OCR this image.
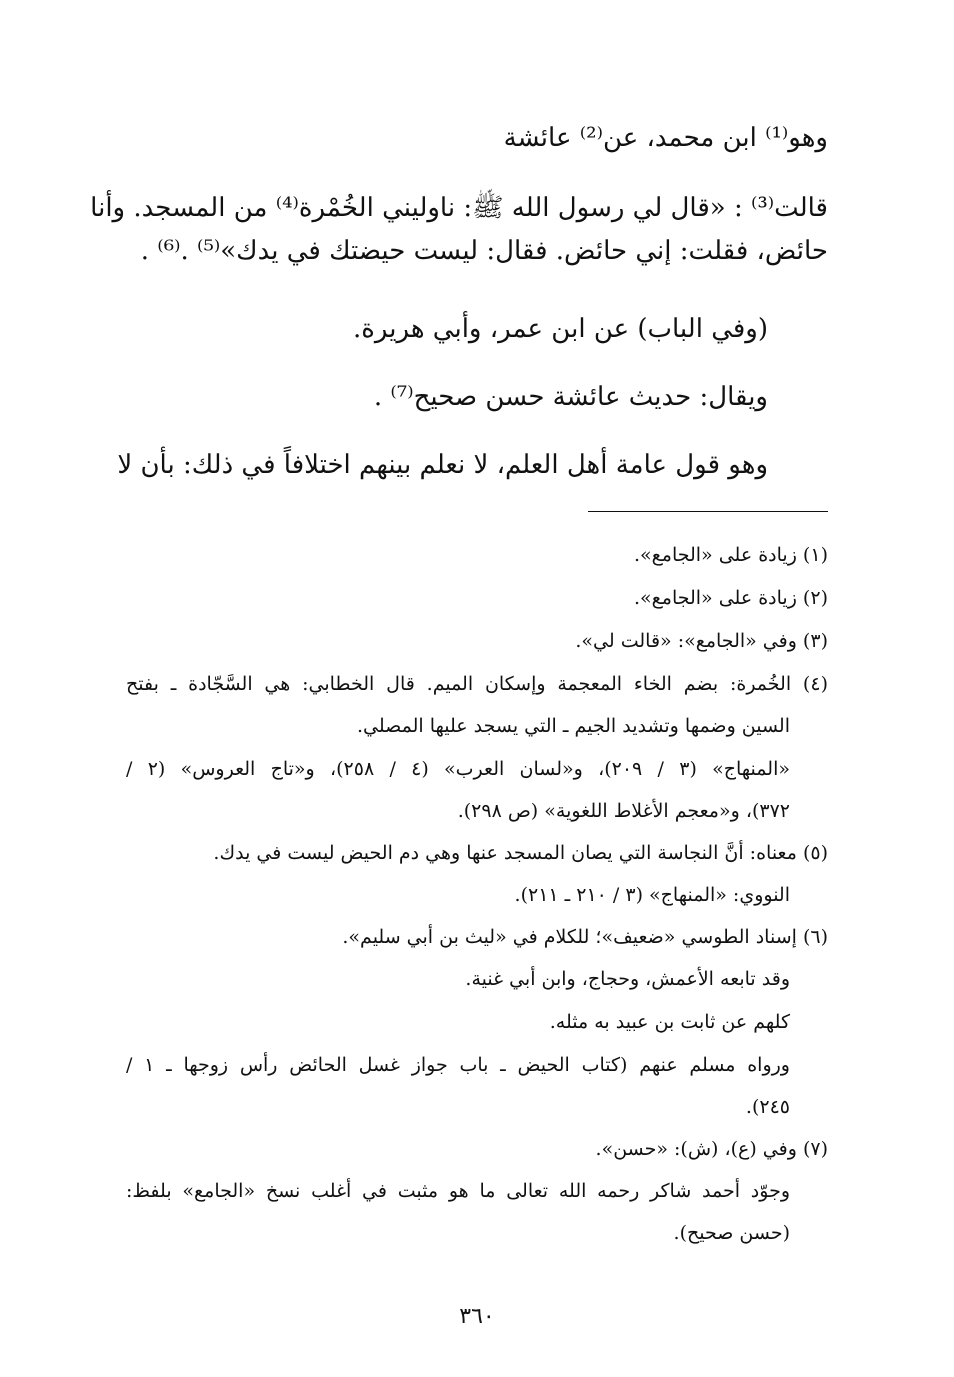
وهو⁽¹⁾ ابن محمد، عن⁽²⁾ عائشة
قالت⁽³⁾ : «قال لي رسول الله ﷺ: ناوليني الخُمْرة⁽⁴⁾ من المسجد. وأنا
حائض، فقلت: إني حائض. فقال: ليست حيضتك في يدك»⁽⁵⁾ .⁽⁶⁾ .
(وفي الباب) عن ابن عمر، وأبي هريرة.
ويقال: حديث عائشة حسن صحيح⁽⁷⁾ .
وهو قول عامة أهل العلم، لا نعلم بينهم اختلافاً في ذلك: بأن لا
(١) زيادة على «الجامع».
(٢) زيادة على «الجامع».
(٣) وفي «الجامع»: «قالت لي».
(٤) الخُمرة: بضم الخاء المعجمة وإسكان الميم. قال الخطابي: هي السَّجّادة ـ بفتح
السين وضمها وتشديد الجيم ـ التي يسجد عليها المصلي.
«المنهاج» (٣ / ٢٠٩)، و«لسان العرب» (٤ / ٢٥٨)، و«تاج العروس» (٢ /
٣٧٢)، و«معجم الأغلاط اللغوية» (ص ٢٩٨).
(٥) معناه: أنَّ النجاسة التي يصان المسجد عنها وهي دم الحيض ليست في يدك.
النووي: «المنهاج» (٣ / ٢١٠ ـ ٢١١).
(٦) إسناد الطوسي «ضعيف»؛ للكلام في «ليث بن أبي سليم».
وقد تابعه الأعمش، وحجاج، وابن أبي غنية.
كلهم عن ثابت بن عبيد به مثله.
ورواه مسلم عنهم (كتاب الحيض ـ باب جواز غسل الحائض رأس زوجها ـ ١ /
٢٤٥).
(٧) وفي (ع)، (ش): «حسن».
وجوّد أحمد شاكر رحمه الله تعالى ما هو مثبت في أغلب نسخ «الجامع» بلفظ:
(حسن صحيح).
٣٦٠
